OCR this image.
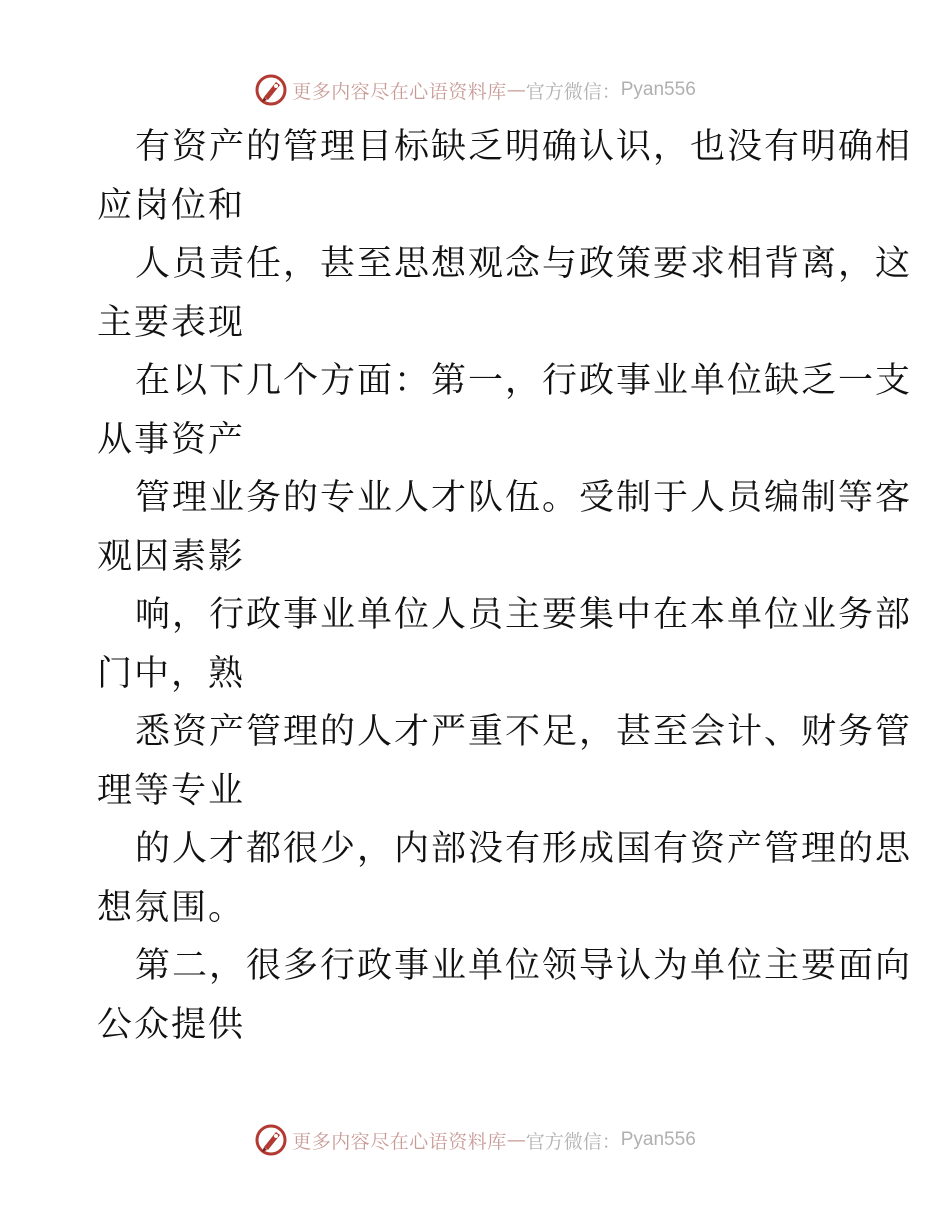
更多内容尽在心语资料库 — 官方微信： Pyan556

有资产的管理目标缺乏明确认识，也没有明确相
应岗位和

人员责任，甚至思想观念与政策要求相背离，这
主要表现

在以下几个方面：第一，行政事业单位缺乏一支
从事资产

管理业务的专业人才队伍。受制于人员编制等客
观因素影

响，行政事业单位人员主要集中在本单位业务部
门中，熟

悉资产管理的人才严重不足，甚至会计、财务管
理等专业

的人才都很少，内部没有形成国有资产管理的思
想氛围。

第二，很多行政事业单位领导认为单位主要面向
公众提供

更多内容尽在心语资料库 — 官方微信： Pyan556
